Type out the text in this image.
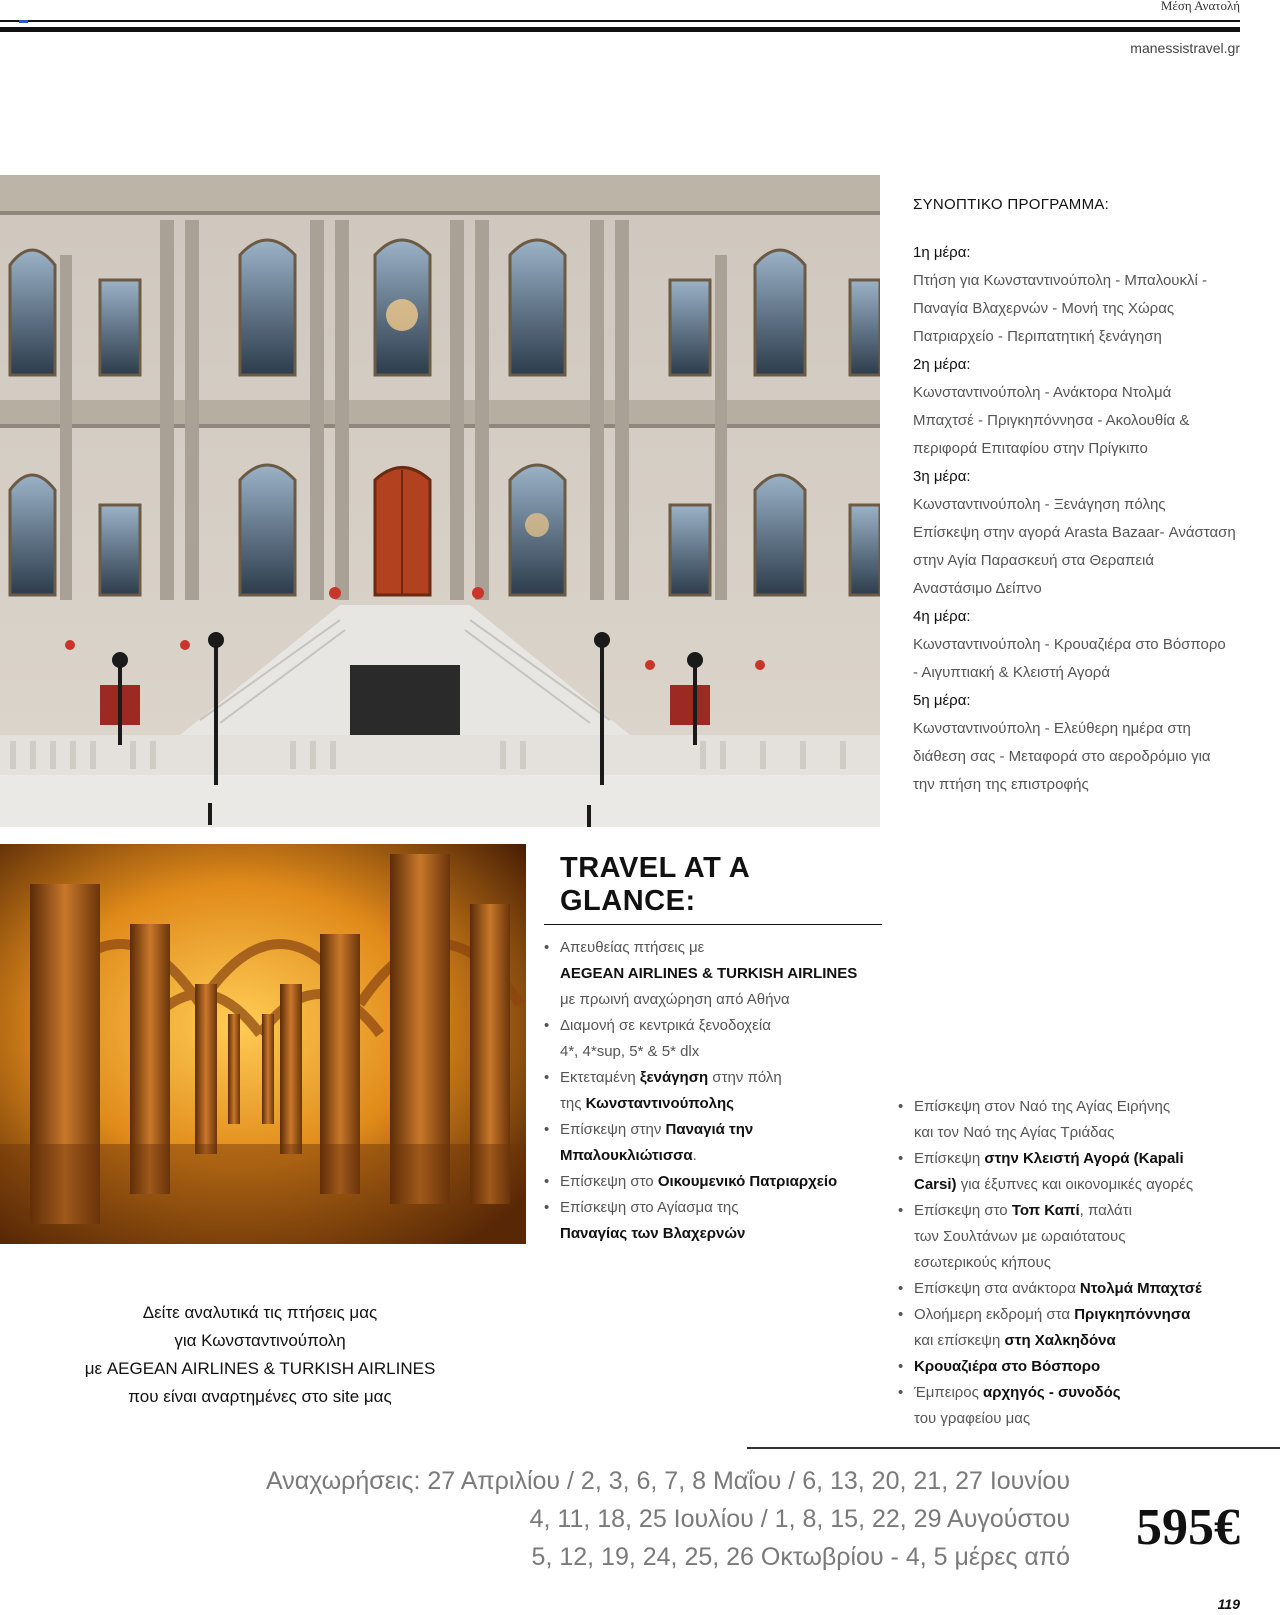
Μέση Ανατολή
manessistravel.gr
ΣΥΝΟΠΤΙΚΟ ΠΡΟΓΡΑΜΜΑ:
1η μέρα:
Πτήση για Κωνσταντινούπολη - Μπαλουκλί -
Παναγία Βλαχερνών - Μονή της Χώρας
Πατριαρχείο - Περιπατητική ξενάγηση
2η μέρα:
Κωνσταντινούπολη - Ανάκτορα Ντολμά
Μπαχτσέ - Πριγκηπόννησα - Ακολουθία &
περιφορά Επιταφίου στην Πρίγκιπο
3η μέρα:
Κωνσταντινούπολη - Ξενάγηση πόλης
Επίσκεψη στην αγορά Arasta Bazaar- Ανάσταση
στην Αγία Παρασκευή στα Θεραπειά
Αναστάσιμο Δείπνο
4η μέρα:
Κωνσταντινούπολη - Κρουαζιέρα στο Βόσπορο
- Αιγυπτιακή & Κλειστή Αγορά
5η μέρα:
Κωνσταντινούπολη - Ελεύθερη ημέρα στη
διάθεση σας - Μεταφορά στο αεροδρόμιο για
την πτήση της επιστροφής
TRAVEL AT A GLANCE:
• Απευθείας πτήσεις με
AEGEAN AIRLINES & TURKISH AIRLINES
με πρωινή αναχώρηση από Αθήνα
• Διαμονή σε κεντρικά ξενοδοχεία
4*, 4*sup, 5* & 5* dlx
• Εκτεταμένη ξενάγηση στην πόλη
της Κωνσταντινούπολης
• Επίσκεψη στην Παναγιά την
Μπαλουκλιώτισσα.
• Επίσκεψη στο Οικουμενικό Πατριαρχείο
• Επίσκεψη στο Αγίασμα της
Παναγίας των Βλαχερνών
• Επίσκεψη στον Ναό της Αγίας Ειρήνης
και τον Ναό της Αγίας Τριάδας
• Επίσκεψη στην Κλειστή Αγορά (Kapali
Carsi) για έξυπνες και οικονομικές αγορές
• Επίσκεψη στο Τοπ Καπί, παλάτι
των Σουλτάνων με ωραιότατους
εσωτερικούς κήπους
• Επίσκεψη στα ανάκτορα Ντολμά Μπαχτσέ
• Ολοήμερη εκδρομή στα Πριγκηπόννησα
και επίσκεψη στη Χαλκηδόνα
• Κρουαζιέρα στο Βόσπορο
• Έμπειρος αρχηγός - συνοδός
του γραφείου μας
Δείτε αναλυτικά τις πτήσεις μας
για Κωνσταντινούπολη
με AEGEAN AIRLINES & TURKISH AIRLINES
που είναι αναρτημένες στο site μας
Αναχωρήσεις: 27 Απριλίου / 2, 3, 6, 7, 8 Μαΐου / 6, 13, 20, 21, 27 Ιουνίου
4, 11, 18, 25 Ιουλίου / 1, 8, 15, 22, 29 Αυγούστου
5, 12, 19, 24, 25, 26 Οκτωβρίου - 4, 5 μέρες από
595€
119
